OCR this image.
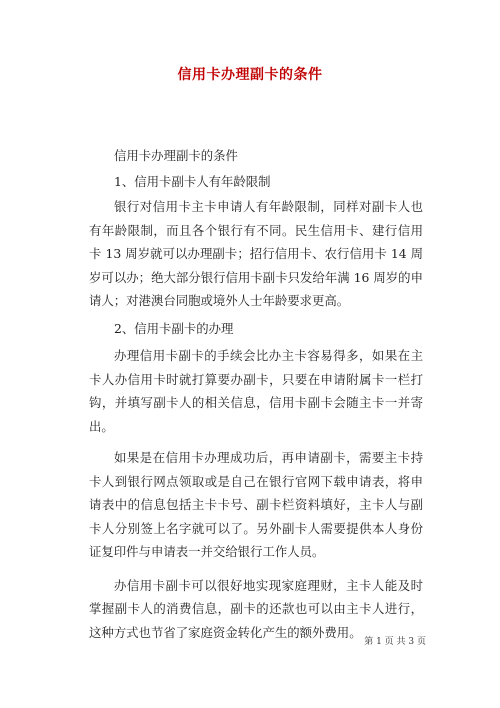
信用卡办理副卡的条件

信用卡办理副卡的条件

1、信用卡副卡人有年龄限制

银行对信用卡主卡申请人有年龄限制，同样对副卡人也有年龄限制，而且各个银行有不同。民生信用卡、建行信用卡 13 周岁就可以办理副卡；招行信用卡、农行信用卡 14 周岁可以办；绝大部分银行信用卡副卡只发给年满 16 周岁的申请人；对港澳台同胞或境外人士年龄要求更高。

2、信用卡副卡的办理

办理信用卡副卡的手续会比办主卡容易得多，如果在主卡人办信用卡时就打算要办副卡，只要在申请附属卡一栏打钩，并填写副卡人的相关信息，信用卡副卡会随主卡一并寄出。

如果是在信用卡办理成功后，再申请副卡，需要主卡持卡人到银行网点领取或是自己在银行官网下载申请表，将申请表中的信息包括主卡卡号、副卡栏资料填好，主卡人与副卡人分别签上名字就可以了。另外副卡人需要提供本人身份证复印件与申请表一并交给银行工作人员。

办信用卡副卡可以很好地实现家庭理财，主卡人能及时掌握副卡人的消费信息，副卡的还款也可以由主卡人进行，这种方式也节省了家庭资金转化产生的额外费用。

第 1 页 共 3 页
